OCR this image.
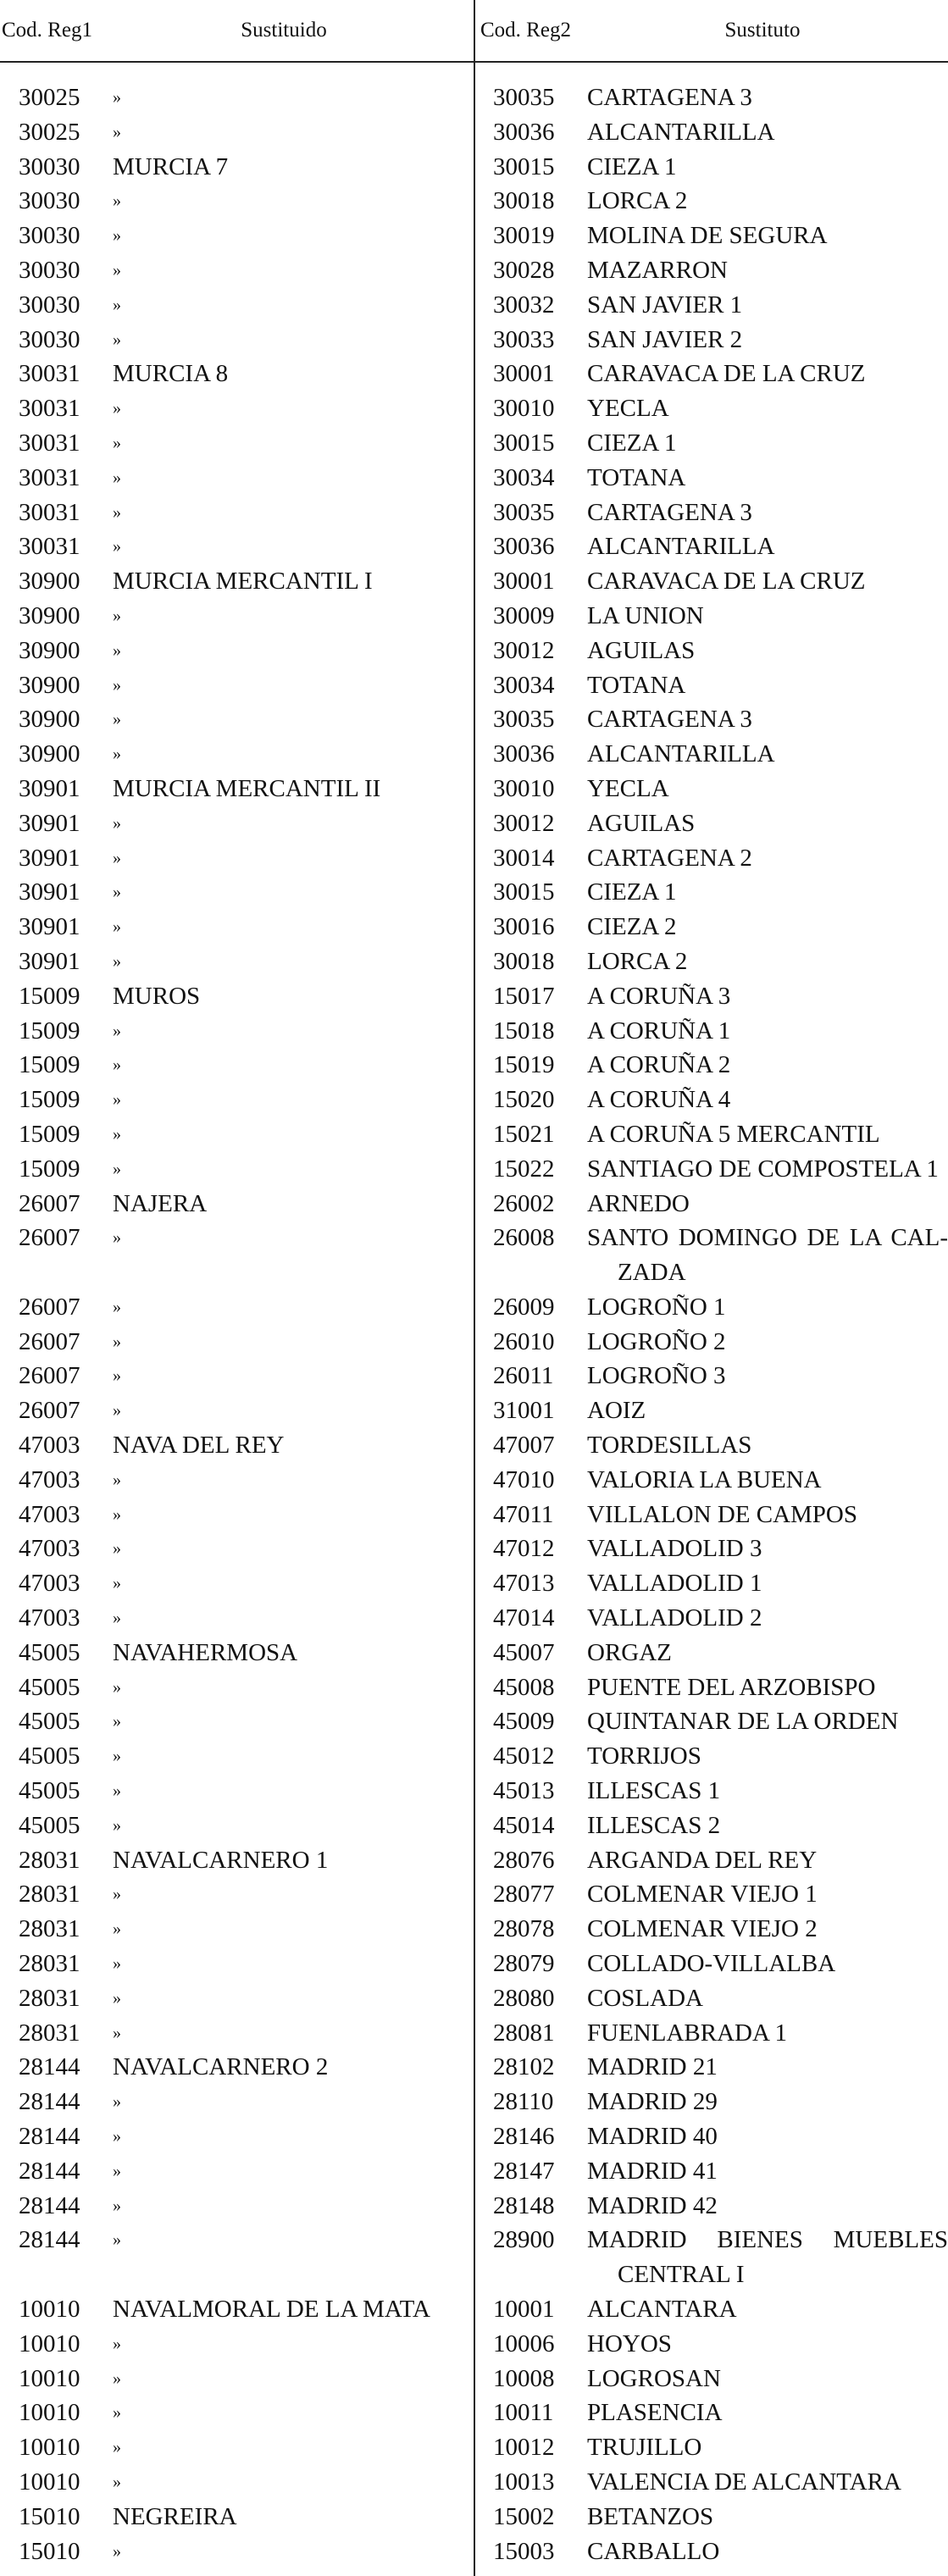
Cod. Reg1	Sustituido	Cod. Reg2	Sustituto
30025 »	30035 CARTAGENA 3
30025 »	30036 ALCANTARILLA
30030 MURCIA 7	30015 CIEZA 1
30030 »	30018 LORCA 2
30030 »	30019 MOLINA DE SEGURA
30030 »	30028 MAZARRON
30030 »	30032 SAN JAVIER 1
30030 »	30033 SAN JAVIER 2
30031 MURCIA 8	30001 CARAVACA DE LA CRUZ
30031 »	30010 YECLA
30031 »	30015 CIEZA 1
30031 »	30034 TOTANA
30031 »	30035 CARTAGENA 3
30031 »	30036 ALCANTARILLA
30900 MURCIA MERCANTIL I	30001 CARAVACA DE LA CRUZ
30900 »	30009 LA UNION
30900 »	30012 AGUILAS
30900 »	30034 TOTANA
30900 »	30035 CARTAGENA 3
30900 »	30036 ALCANTARILLA
30901 MURCIA MERCANTIL II	30010 YECLA
30901 »	30012 AGUILAS
30901 »	30014 CARTAGENA 2
30901 »	30015 CIEZA 1
30901 »	30016 CIEZA 2
30901 »	30018 LORCA 2
15009 MUROS	15017 A CORUÑA 3
15009 »	15018 A CORUÑA 1
15009 »	15019 A CORUÑA 2
15009 »	15020 A CORUÑA 4
15009 »	15021 A CORUÑA 5 MERCANTIL
15009 »	15022 SANTIAGO DE COMPOSTELA 1
26007 NAJERA	26002 ARNEDO
26007 »	26008 SANTO DOMINGO DE LA CAL-
ZADA
26007 »	26009 LOGROÑO 1
26007 »	26010 LOGROÑO 2
26007 »	26011 LOGROÑO 3
26007 »	31001 AOIZ
47003 NAVA DEL REY	47007 TORDESILLAS
47003 »	47010 VALORIA LA BUENA
47003 »	47011 VILLALON DE CAMPOS
47003 »	47012 VALLADOLID 3
47003 »	47013 VALLADOLID 1
47003 »	47014 VALLADOLID 2
45005 NAVAHERMOSA	45007 ORGAZ
45005 »	45008 PUENTE DEL ARZOBISPO
45005 »	45009 QUINTANAR DE LA ORDEN
45005 »	45012 TORRIJOS
45005 »	45013 ILLESCAS 1
45005 »	45014 ILLESCAS 2
28031 NAVALCARNERO 1	28076 ARGANDA DEL REY
28031 »	28077 COLMENAR VIEJO 1
28031 »	28078 COLMENAR VIEJO 2
28031 »	28079 COLLADO-VILLALBA
28031 »	28080 COSLADA
28031 »	28081 FUENLABRADA 1
28144 NAVALCARNERO 2	28102 MADRID 21
28144 »	28110 MADRID 29
28144 »	28146 MADRID 40
28144 »	28147 MADRID 41
28144 »	28148 MADRID 42
28144 »	28900 MADRID BIENES MUEBLES
CENTRAL I
10010 NAVALMORAL DE LA MATA	10001 ALCANTARA
10010 »	10006 HOYOS
10010 »	10008 LOGROSAN
10010 »	10011 PLASENCIA
10010 »	10012 TRUJILLO
10010 »	10013 VALENCIA DE ALCANTARA
15010 NEGREIRA	15002 BETANZOS
15010 »	15003 CARBALLO
